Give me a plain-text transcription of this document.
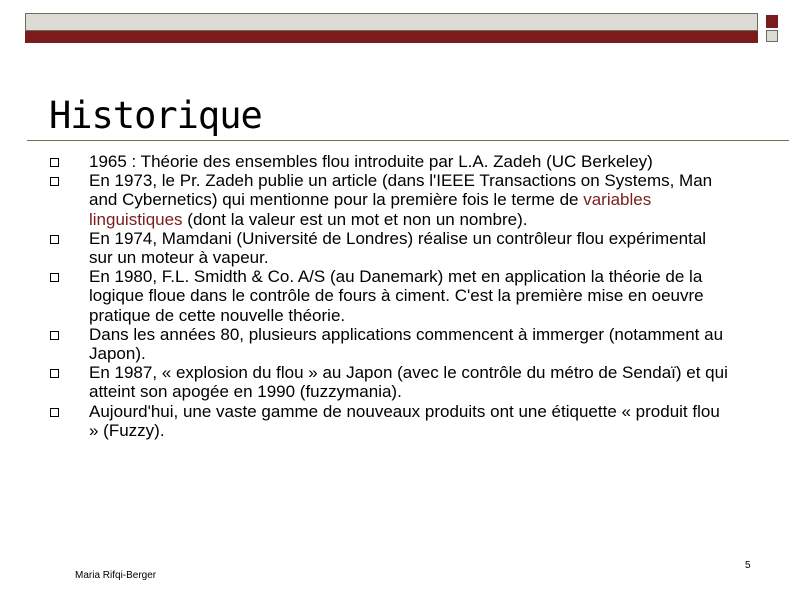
Historique
1965 : Théorie des ensembles flou introduite par L.A. Zadeh (UC Berkeley)
En 1973, le Pr. Zadeh publie un article (dans l'IEEE Transactions on Systems, Man and Cybernetics) qui mentionne pour la première fois le terme de variables linguistiques (dont la valeur est un mot et non un nombre).
En 1974, Mamdani (Université de Londres) réalise un contrôleur flou expérimental sur un moteur à vapeur.
En 1980, F.L. Smidth & Co. A/S (au Danemark) met en application la théorie de la logique floue dans le contrôle de fours à ciment. C'est la première mise en oeuvre pratique de cette nouvelle théorie.
Dans les années 80, plusieurs applications commencent à immerger (notamment au Japon).
En 1987, « explosion du flou » au Japon (avec le contrôle du métro de Sendaï) et qui atteint son apogée en 1990 (fuzzymania).
Aujourd'hui, une vaste gamme de nouveaux produits ont une étiquette « produit flou » (Fuzzy).
Maria Rifqi-Berger
5
